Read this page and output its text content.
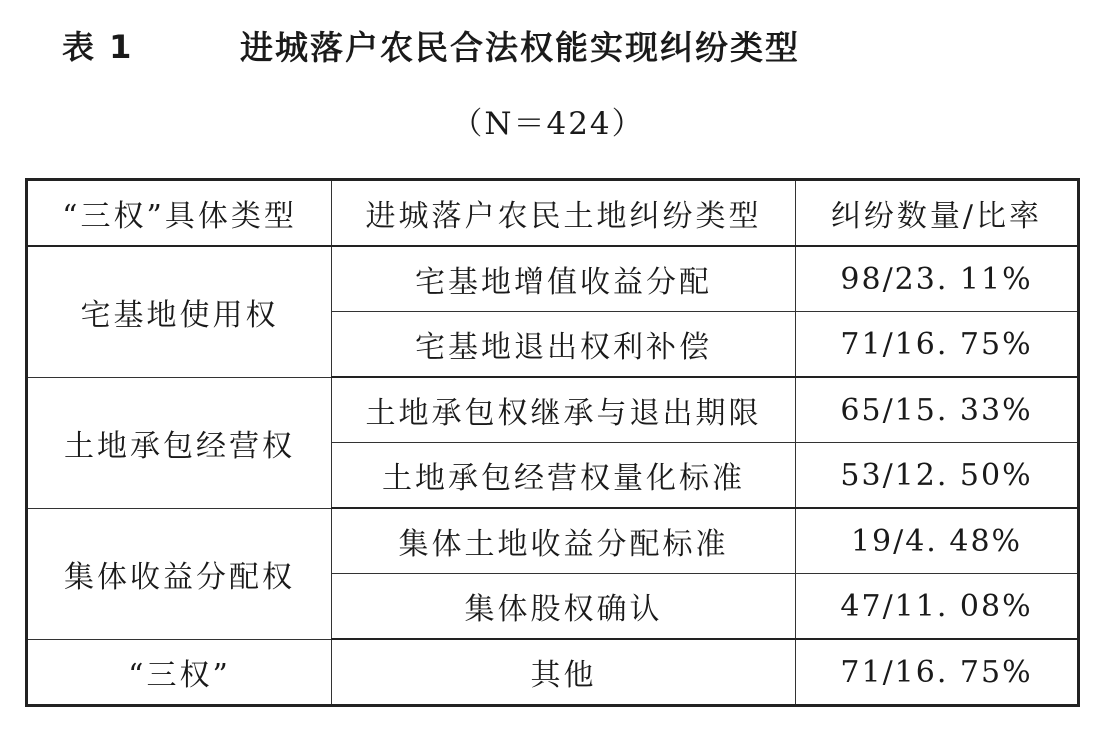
表 1	进城落户农民合法权能实现纠纷类型
（N＝424）
“三权”具体类型	进城落户农民土地纠纷类型	纠纷数量/比率
宅基地使用权	宅基地增值收益分配	98/23. 11%
	宅基地退出权利补偿	71/16. 75%
土地承包经营权	土地承包权继承与退出期限	65/15. 33%
	土地承包经营权量化标准	53/12. 50%
集体收益分配权	集体土地收益分配标准	19/4. 48%
	集体股权确认	47/11. 08%
“三权”	其他	71/16. 75%
